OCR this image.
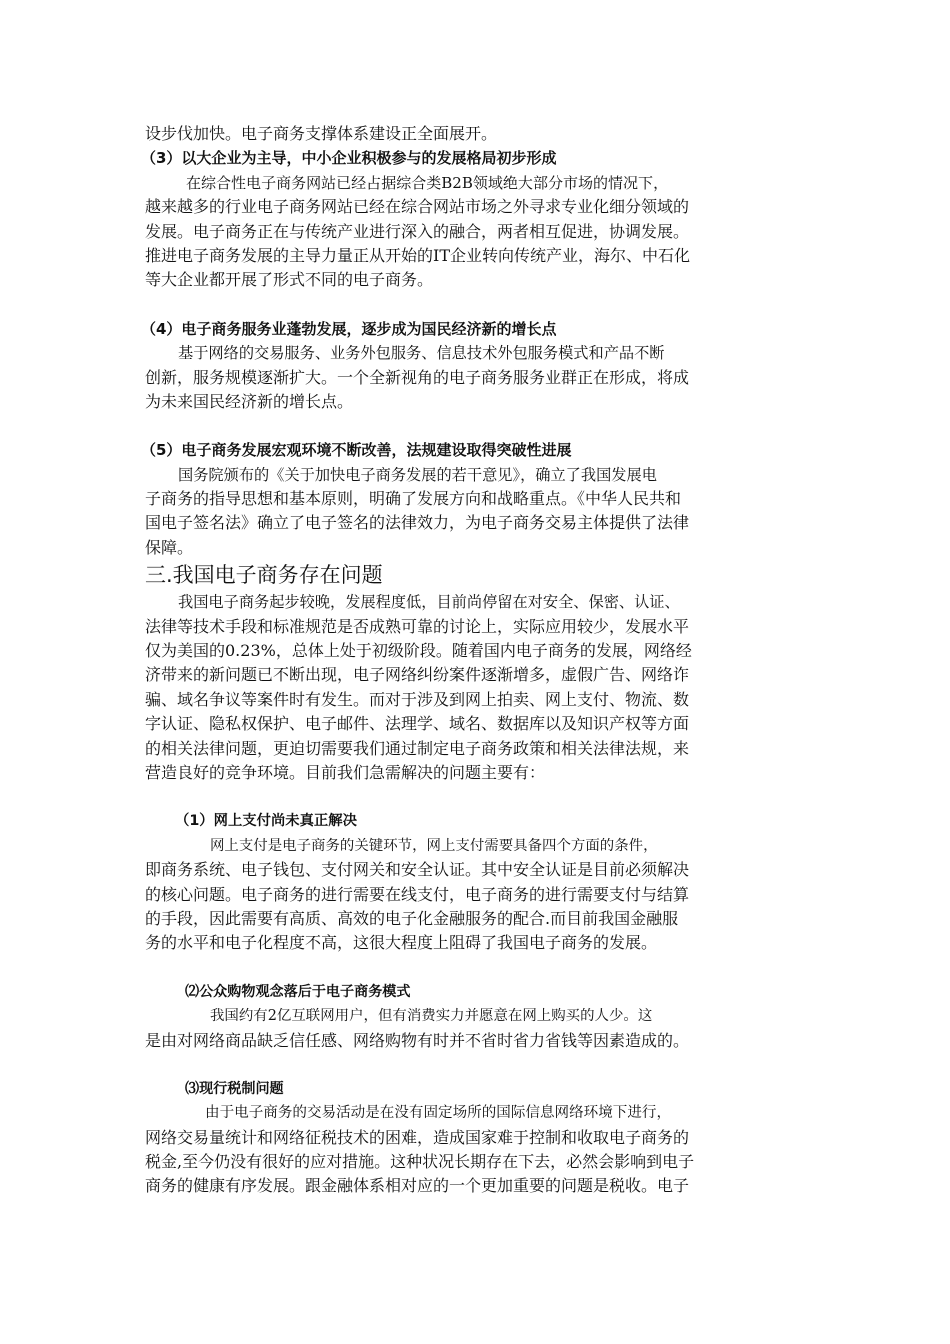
设步伐加快。电子商务支撑体系建设正全面展开。
（3）以大企业为主导，中小企业积极参与的发展格局初步形成
在综合性电子商务网站已经占据综合类B2B领域绝大部分市场的情况下，
越来越多的行业电子商务网站已经在综合网站市场之外寻求专业化细分领域的
发展。电子商务正在与传统产业进行深入的融合，两者相互促进，协调发展。
推进电子商务发展的主导力量正从开始的IT企业转向传统产业，海尔、中石化
等大企业都开展了形式不同的电子商务。
（4）电子商务服务业蓬勃发展，逐步成为国民经济新的增长点
基于网络的交易服务、业务外包服务、信息技术外包服务模式和产品不断
创新，服务规模逐渐扩大。一个全新视角的电子商务服务业群正在形成，将成
为未来国民经济新的增长点。
（5）电子商务发展宏观环境不断改善，法规建设取得突破性进展
国务院颁布的《关于加快电子商务发展的若干意见》，确立了我国发展电
子商务的指导思想和基本原则，明确了发展方向和战略重点。《中华人民共和
国电子签名法》确立了电子签名的法律效力，为电子商务交易主体提供了法律
保障。
三.我国电子商务存在问题
我国电子商务起步较晚，发展程度低，目前尚停留在对安全、保密、认证、
法律等技术手段和标准规范是否成熟可靠的讨论上，实际应用较少，发展水平
仅为美国的0.23%，总体上处于初级阶段。随着国内电子商务的发展，网络经
济带来的新问题已不断出现，电子网络纠纷案件逐渐增多，虚假广告、网络诈
骗、域名争议等案件时有发生。而对于涉及到网上拍卖、网上支付、物流、数
字认证、隐私权保护、电子邮件、法理学、域名、数据库以及知识产权等方面
的相关法律问题，更迫切需要我们通过制定电子商务政策和相关法律法规，来
营造良好的竞争环境。目前我们急需解决的问题主要有：
（1）网上支付尚未真正解决
网上支付是电子商务的关键环节，网上支付需要具备四个方面的条件，
即商务系统、电子钱包、支付网关和安全认证。其中安全认证是目前必须解决
的核心问题。电子商务的进行需要在线支付，电子商务的进行需要支付与结算
的手段，因此需要有高质、高效的电子化金融服务的配合.而目前我国金融服
务的水平和电子化程度不高，这很大程度上阻碍了我国电子商务的发展。
⑵公众购物观念落后于电子商务模式
我国约有2亿互联网用户，但有消费实力并愿意在网上购买的人少。这
是由对网络商品缺乏信任感、网络购物有时并不省时省力省钱等因素造成的。
⑶现行税制问题
由于电子商务的交易活动是在没有固定场所的国际信息网络环境下进行，
网络交易量统计和网络征税技术的困难，造成国家难于控制和收取电子商务的
税金,至今仍没有很好的应对措施。这种状况长期存在下去，必然会影响到电子
商务的健康有序发展。跟金融体系相对应的一个更加重要的问题是税收。电子
